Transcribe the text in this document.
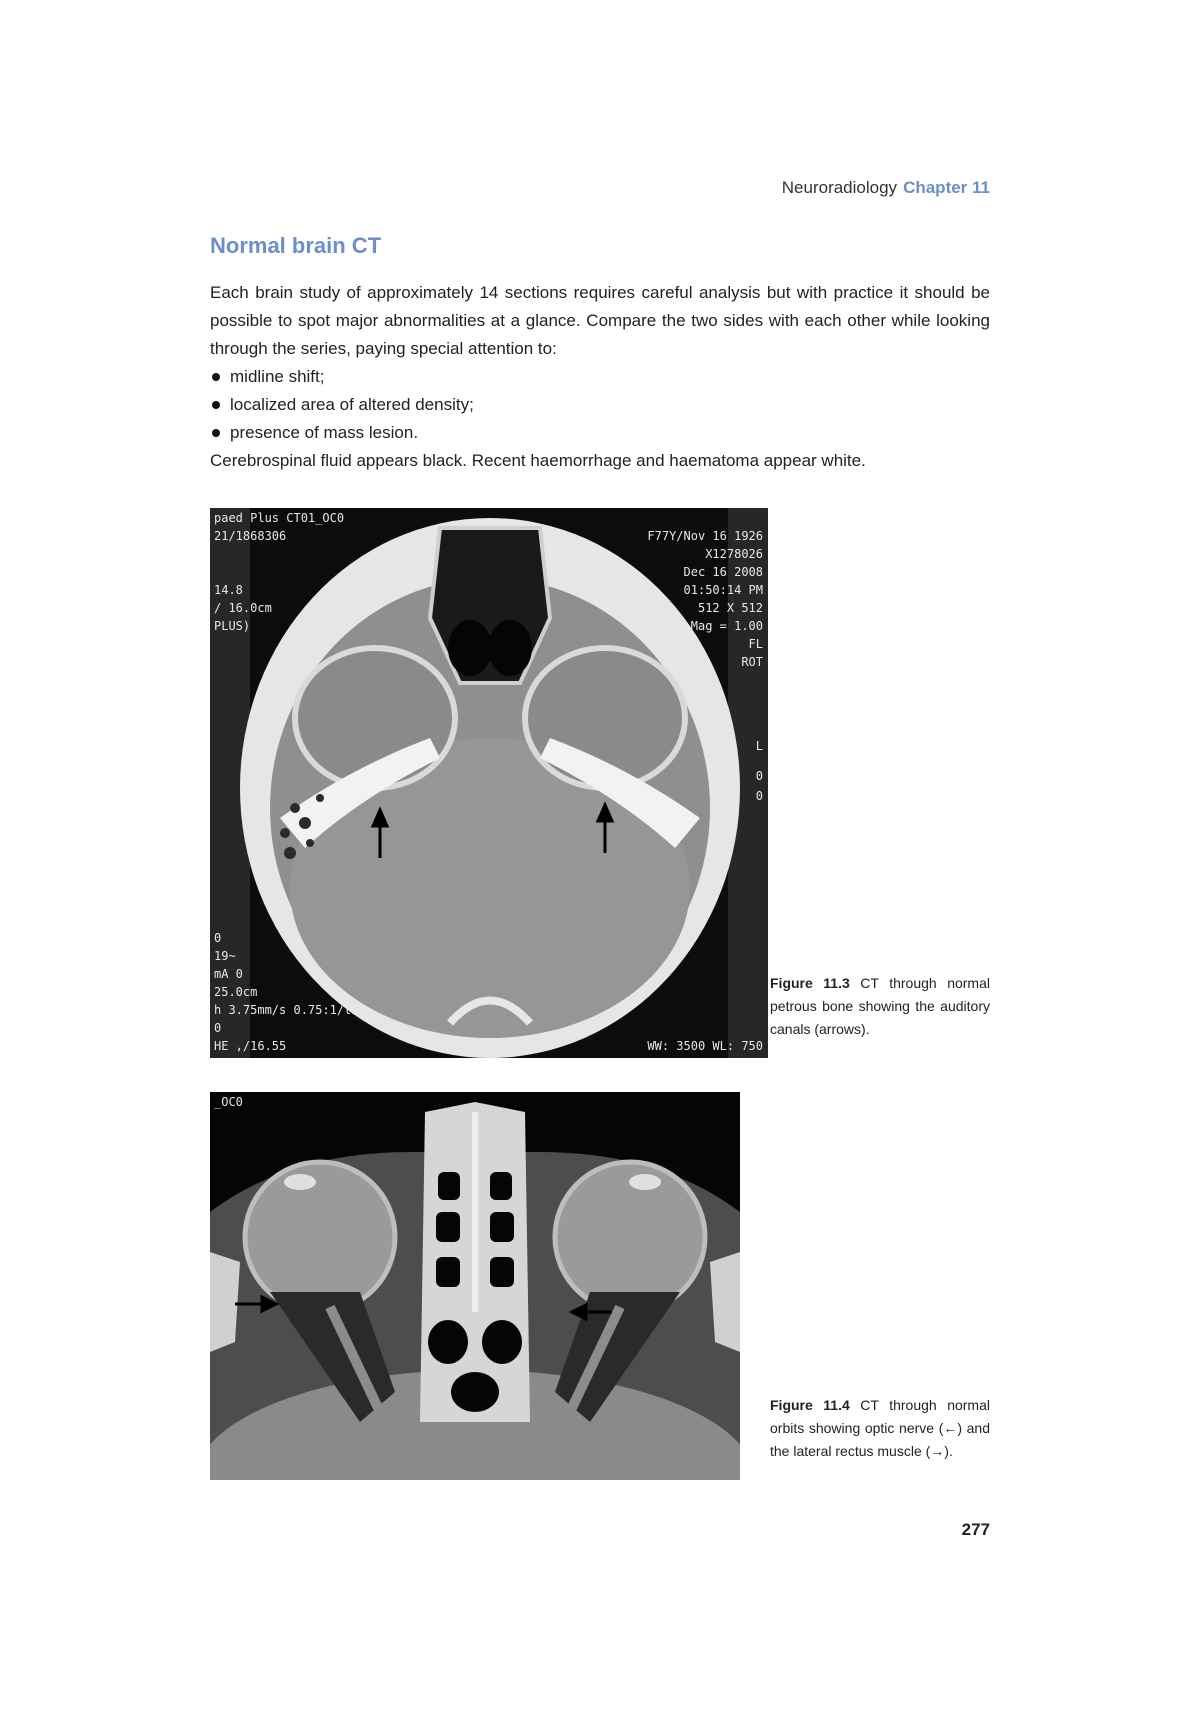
Neuroradiology Chapter 11
Normal brain CT

Each brain study of approximately 14 sections requires careful analysis but with practice it should be possible to spot major abnormalities at a glance. Compare the two sides with each other while looking through the series, paying special attention to:

midline shift;
localized area of altered density;
presence of mass lesion.

Cerebrospinal fluid appears black. Recent haemorrhage and haematoma appear white.

paed Plus CT01_OC0
21/1868306
14.8
/ 16.0cm
PLUS)
F77Y/Nov 16 1926
X1278026
Dec 16 2008
01:50:14 PM
512 X 512
Mag = 1.00
FL
ROT
L
0
0
0
19~
mA 0
25.0cm
h 3.75mm/s 0.75:1/li
0
HE ,/16.55	WW: 3500 WL: 750
Figure 11.3 CT through normal petrous bone showing the auditory canals (arrows).
_OC0
Figure 11.4 CT through normal orbits showing optic nerve (←) and the lateral rectus muscle (→).
277
